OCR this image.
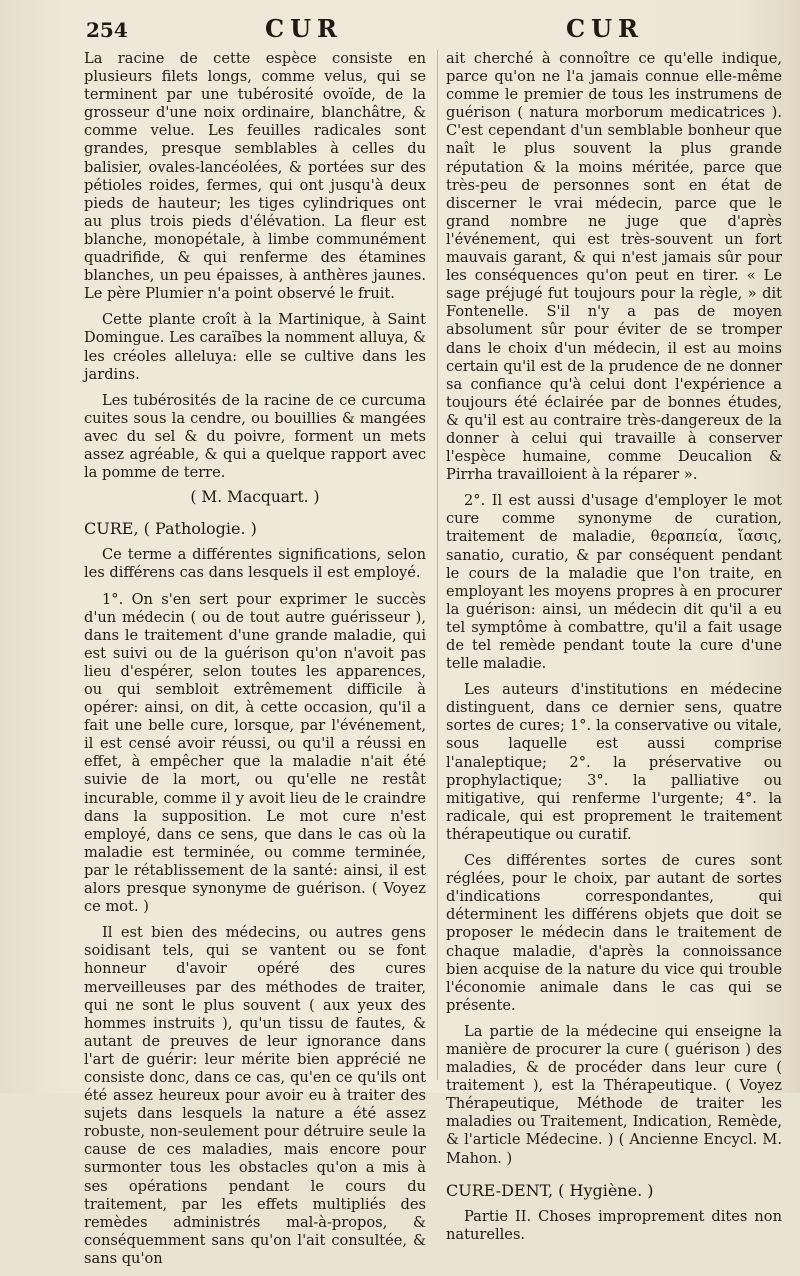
254	CUR	CUR

La racine de cette espèce consiste en plusieurs filets longs, comme velus, qui se terminent par une tubérosité ovoïde, de la grosseur d'une noix ordinaire, blanchâtre, & comme velue. Les feuilles radicales sont grandes, presque semblables à celles du balisier, ovales-lancéolées, & portées sur des pétioles roides, fermes, qui ont jusqu'à deux pieds de hauteur; les tiges cylindriques ont au plus trois pieds d'élévation. La fleur est blanche, monopétale, à limbe communément quadrifide, & qui renferme des étamines blanches, un peu épaisses, à anthères jaunes. Le père Plumier n'a point observé le fruit.

Cette plante croît à la Martinique, à Saint Domingue. Les caraïbes la nomment alluya, & les créoles alleluya: elle se cultive dans les jardins.

Les tubérosités de la racine de ce curcuma cuites sous la cendre, ou bouillies & mangées avec du sel & du poivre, forment un mets assez agréable, & qui a quelque rapport avec la pomme de terre.

( M. Macquart. )

CURE, ( Pathologie. )

Ce terme a différentes significations, selon les différens cas dans lesquels il est employé.

1°. On s'en sert pour exprimer le succès d'un médecin ( ou de tout autre guérisseur ), dans le traitement d'une grande maladie, qui est suivi ou de la guérison qu'on n'avoit pas lieu d'espérer, selon toutes les apparences, ou qui sembloit extrêmement difficile à opérer: ainsi, on dit, à cette occasion, qu'il a fait une belle cure, lorsque, par l'événement, il est censé avoir réussi, ou qu'il a réussi en effet, à empêcher que la maladie n'ait été suivie de la mort, ou qu'elle ne restât incurable, comme il y avoit lieu de le craindre dans la supposition. Le mot cure n'est employé, dans ce sens, que dans le cas où la maladie est terminée, ou comme terminée, par le rétablissement de la santé: ainsi, il est alors presque synonyme de guérison. ( Voyez ce mot. )

Il est bien des médecins, ou autres gens soidisant tels, qui se vantent ou se font honneur d'avoir opéré des cures merveilleuses par des méthodes de traiter, qui ne sont le plus souvent ( aux yeux des hommes instruits ), qu'un tissu de fautes, & autant de preuves de leur ignorance dans l'art de guérir: leur mérite bien apprécié ne consiste donc, dans ce cas, qu'en ce qu'ils ont été assez heureux pour avoir eu à traiter des sujets dans lesquels la nature a été assez robuste, non-seulement pour détruire seule la cause de ces maladies, mais encore pour surmonter tous les obstacles qu'on a mis à ses opérations pendant le cours du traitement, par les effets multipliés des remèdes administrés mal-à-propos, & conséquemment sans qu'on l'ait consultée, & sans qu'on

ait cherché à connoître ce qu'elle indique, parce qu'on ne l'a jamais connue elle-même comme le premier de tous les instrumens de guérison ( natura morborum medicatrices ). C'est cependant d'un semblable bonheur que naît le plus souvent la plus grande réputation & la moins méritée, parce que très-peu de personnes sont en état de discerner le vrai médecin, parce que le grand nombre ne juge que d'après l'événement, qui est très-souvent un fort mauvais garant, & qui n'est jamais sûr pour les conséquences qu'on peut en tirer. « Le sage préjugé fut toujours pour la règle, » dit Fontenelle. S'il n'y a pas de moyen absolument sûr pour éviter de se tromper dans le choix d'un médecin, il est au moins certain qu'il est de la prudence de ne donner sa confiance qu'à celui dont l'expérience a toujours été éclairée par de bonnes études, & qu'il est au contraire très-dangereux de la donner à celui qui travaille à conserver l'espèce humaine, comme Deucalion & Pirrha travailloient à la réparer ».

2°. Il est aussi d'usage d'employer le mot cure comme synonyme de curation, traitement de maladie, θεραπεία, ἴασις, sanatio, curatio, & par conséquent pendant le cours de la maladie que l'on traite, en employant les moyens propres à en procurer la guérison: ainsi, un médecin dit qu'il a eu tel symptôme à combattre, qu'il a fait usage de tel remède pendant toute la cure d'une telle maladie.

Les auteurs d'institutions en médecine distinguent, dans ce dernier sens, quatre sortes de cures; 1°. la conservative ou vitale, sous laquelle est aussi comprise l'analeptique; 2°. la préservative ou prophylactique; 3°. la palliative ou mitigative, qui renferme l'urgente; 4°. la radicale, qui est proprement le traitement thérapeutique ou curatif.

Ces différentes sortes de cures sont réglées, pour le choix, par autant de sortes d'indications correspondantes, qui déterminent les différens objets que doit se proposer le médecin dans le traitement de chaque maladie, d'après la connoissance bien acquise de la nature du vice qui trouble l'économie animale dans le cas qui se présente.

La partie de la médecine qui enseigne la manière de procurer la cure ( guérison ) des maladies, & de procéder dans leur cure ( traitement ), est la Thérapeutique. ( Voyez Thérapeutique, Méthode de traiter les maladies ou Traitement, Indication, Remède, & l'article Médecine. ) ( Ancienne Encycl. M. Mahon. )

CURE-DENT, ( Hygiène. )

Partie II. Choses improprement dites non naturelles.
